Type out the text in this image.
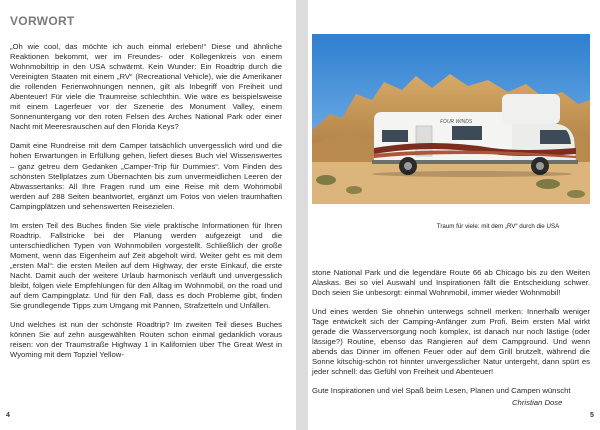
VORWORT

„Oh wie cool, das möchte ich auch einmal erleben!“ Diese und ähnliche Reaktionen bekommt, wer im Freundes- oder Kollegenkreis von einem Wohnmobiltrip in den USA schwärmt. Kein Wunder: Ein Roadtrip durch die Vereinigten Staaten mit einem „RV“ (Recreational Vehicle), wie die Amerikaner die rollenden Ferienwohnungen nennen, gilt als Inbegriff von Freiheit und Abenteuer! Für viele die Traumreise schlechthin. Wie wäre es beispielsweise mit einem Lagerfeuer vor der Szenerie des Monument Valley, einem Sonnenuntergang vor den roten Felsen des Arches National Park oder einer Nacht mit Meeresrauschen auf den Florida Keys?

Damit eine Rundreise mit dem Camper tatsächlich unvergesslich wird und die hohen Erwartungen in Erfüllung gehen, liefert dieses Buch viel Wissenswertes – ganz getreu dem Gedanken „Camper-Trip für Dummies“. Vom Finden des schönsten Stellplatzes zum Übernachten bis zum unvermeidlichen Leeren der Abwassertanks: All Ihre Fragen rund um eine Reise mit dem Wohnmobil werden auf 288 Seiten beantwortet, ergänzt um Fotos von vielen traumhaften Campingplätzen und sehenswerten Reisezielen.

Im ersten Teil des Buches finden Sie viele praktische Informationen für Ihren Roadtrip. Fallstricke bei der Planung werden aufgezeigt und die unterschiedlichen Typen von Wohnmobilen vorgestellt. Schließlich der große Moment, wenn das Eigenheim auf Zeit abgeholt wird. Weiter geht es mit dem „ersten Mal“: die ersten Meilen auf dem Highway, der erste Einkauf, die erste Nacht. Damit auch der weitere Urlaub harmonisch verläuft und unvergesslich bleibt, folgen viele Empfehlungen für den Alltag im Wohnmobil, on the road und auf dem Campingplatz. Und für den Fall, dass es doch Probleme gibt, finden Sie grundlegende Tipps zum Umgang mit Pannen, Strafzetteln und Unfällen.

Und welches ist nun der schönste Roadtrip? Im zweiten Teil dieses Buches können Sie auf zehn ausgewählten Routen schon einmal gedanklich voraus reisen: von der Traumstraße Highway 1 in Kalifornien über The Great West in Wyoming mit dem Topziel Yellow-

4
FOUR WINDS
Traum für viele: mit dem „RV“ durch die USA

stone National Park und die legendäre Route 66 ab Chicago bis zu den Weiten Alaskas. Bei so viel Auswahl und Inspirationen fällt die Entscheidung schwer. Doch seien Sie unbesorgt: einmal Wohnmobil, immer wieder Wohnmobil!

Und eines werden Sie ohnehin unterwegs schnell merken: Innerhalb weniger Tage entwickelt sich der Camping-Anfänger zum Profi. Beim ersten Mal wirkt gerade die Wasserversorgung noch komplex, ist danach nur noch lästige (oder lässige?) Routine, ebenso das Rangieren auf dem Campground. Und wenn abends das Dinner im offenen Feuer oder auf dem Grill brutzelt, während die Sonne kitschig-schön rot hinnter unvergesslicher Natur untergeht, dann spürt es jeder schnell: das Gefühl von Freiheit und Abenteuer!

Gute Inspirationen und viel Spaß beim Lesen, Planen und Campen wünscht

Christian Dose
5
